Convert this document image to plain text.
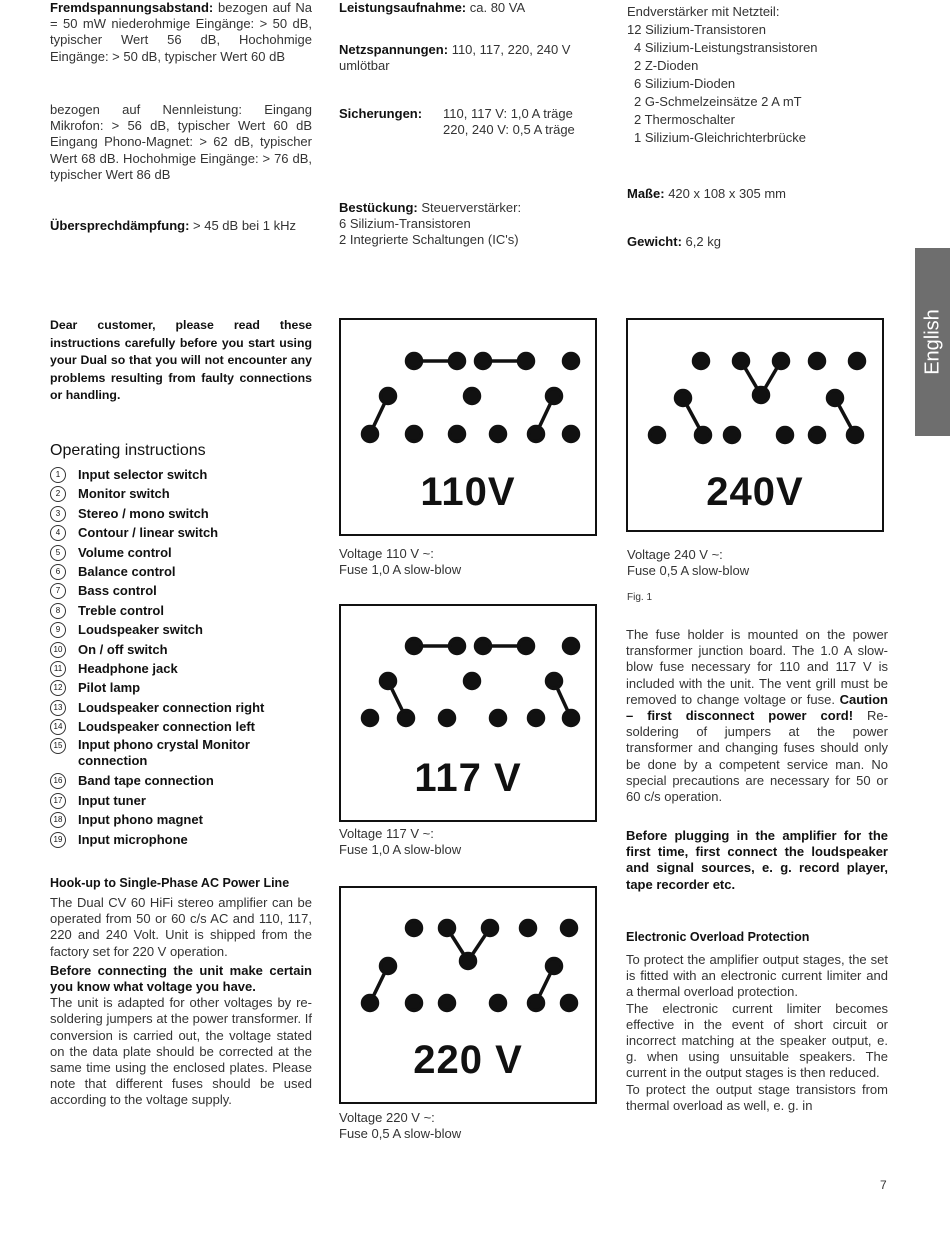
Fremdspannungsabstand: bezogen auf Na = 50 mW niederohmige Eingänge: > 50 dB, typischer Wert 56 dB, Hochohmige Eingänge: > 50 dB, typischer Wert 60 dB

bezogen auf Nennleistung: Eingang Mikrofon: > 56 dB, typischer Wert 60 dB Eingang Phono-Magnet: > 62 dB, typischer Wert 68 dB. Hochohmige Eingänge: > 76 dB, typischer Wert 86 dB

Übersprechdämpfung: > 45 dB bei 1 kHz

Leistungsaufnahme: ca. 80 VA

Netzspannungen: 110, 117, 220, 240 V umlötbar

Sicherungen: 110, 117 V: 1,0 A träge
220, 240 V: 0,5 A träge

Bestückung: Steuerverstärker:

6 Silizium-Transistoren

2 Integrierte Schaltungen (IC's)

Endverstärker mit Netzteil:

12 Silizium-Transistoren

4 Silizium-Leistungstransistoren

2 Z-Dioden

6 Silizium-Dioden

2 G-Schmelzeinsätze 2 A mT

2 Thermoschalter

1 Silizium-Gleichrichterbrücke

Maße: 420 x 108 x 305 mm

Gewicht: 6,2 kg

English

Dear customer, please read these instructions carefully before you start using your Dual so that you will not encounter any problems resulting from faulty connections or handling.

Operating instructions
1	Input selector switch
2	Monitor switch
3	Stereo / mono switch
4	Contour / linear switch
5	Volume control
6	Balance control
7	Bass control
8	Treble control
9	Loudspeaker switch
10 On / off switch
11 Headphone jack
12 Pilot lamp
13 Loudspeaker connection right
14 Loudspeaker connection left
15 Input phono crystal Monitor connection
16 Band tape connection
17 Input tuner
18 Input phono magnet
19 Input microphone
Hook-up to Single-Phase AC Power Line

The Dual CV 60 HiFi stereo amplifier can be operated from 50 or 60 c/s AC and 110, 117, 220 and 240 Volt. Unit is shipped from the factory set for 220 V operation.

Before connecting the unit make certain you know what voltage you have.

The unit is adapted for other voltages by re-soldering jumpers at the power transformer. If conversion is carried out, the voltage stated on the data plate should be corrected at the same time using the enclosed plates. Please note that different fuses should be used according to the voltage supply.

110V

Voltage 110 V ~:

Fuse 1,0 A slow-blow

117 V

Voltage 117 V ~:

Fuse 1,0 A slow-blow

220 V

Voltage 220 V ~:

Fuse 0,5 A slow-blow

240V

Voltage 240 V ~:

Fuse 0,5 A slow-blow

Fig. 1

The fuse holder is mounted on the power transformer junction board. The 1.0 A slow-blow fuse necessary for 110 and 117 V is included with the unit. The vent grill must be removed to change voltage or fuse. Caution – first disconnect power cord! Re-soldering of jumpers at the power transformer and changing fuses should only be done by a competent service man. No special precautions are necessary for 50 or 60 c/s operation.

Before plugging in the amplifier for the first time, first connect the loudspeaker and signal sources, e. g. record player, tape recorder etc.

Electronic Overload Protection

To protect the amplifier output stages, the set is fitted with an electronic current limiter and a thermal overload protection.

The electronic current limiter becomes effective in the event of short circuit or incorrect matching at the speaker output, e. g. when using unsuitable speakers. The current in the output stages is then reduced.

To protect the output stage transistors from thermal overload as well, e. g. in

7
